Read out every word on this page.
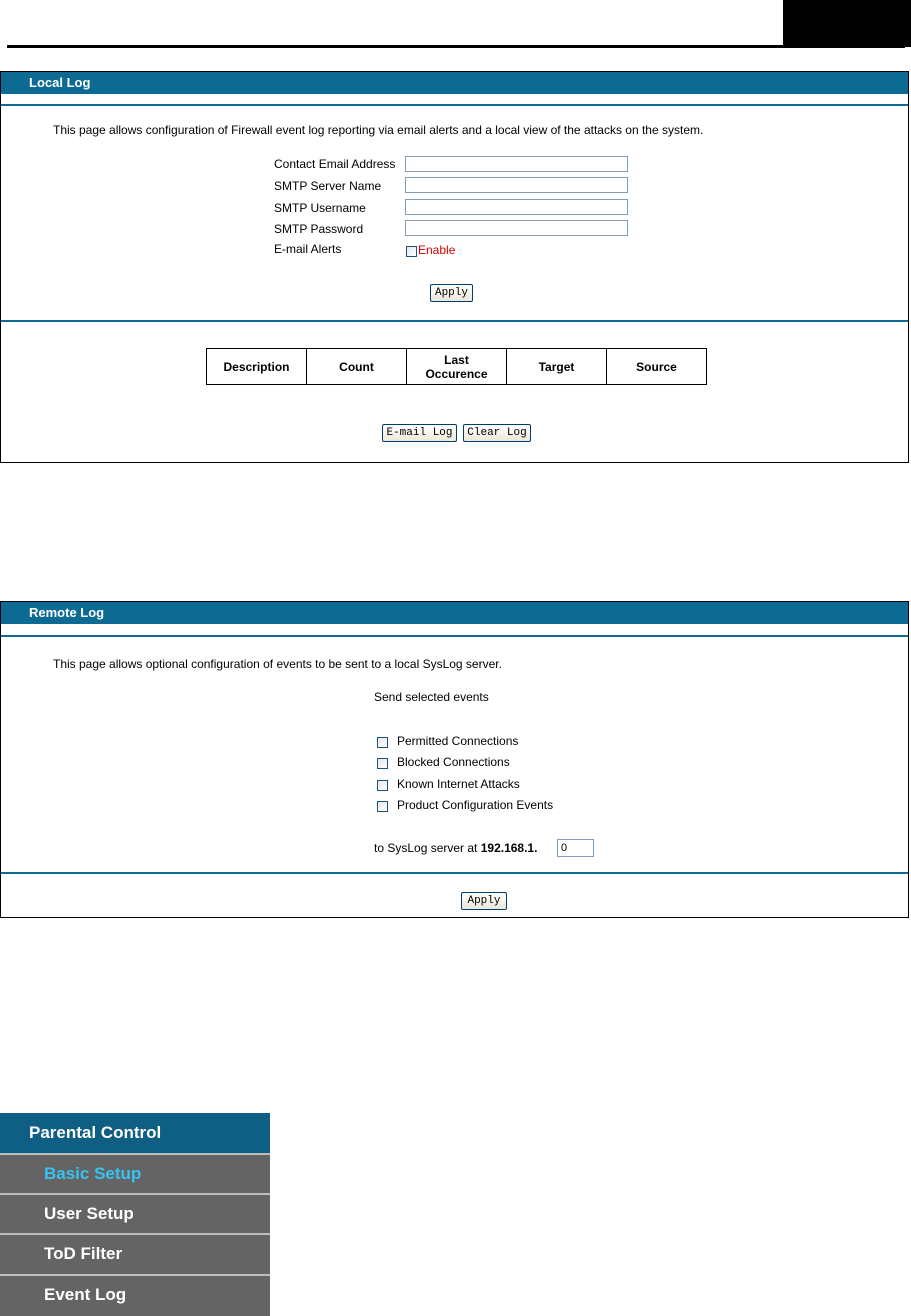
Local Log
This page allows configuration of Firewall event log reporting via email alerts and a local view of the attacks on the system.
Contact Email Address
SMTP Server Name
SMTP Username
SMTP Password
E-mail Alerts	Enable
Apply
Description	Count	Last Occurence	Target	Source
E-mail Log	Clear Log
Remote Log
This page allows optional configuration of events to be sent to a local SysLog server.
Send selected events
Permitted Connections
Blocked Connections
Known Internet Attacks
Product Configuration Events
to SysLog server at 192.168.1.
0
Apply
Parental Control
Basic Setup
User Setup
ToD Filter
Event Log
